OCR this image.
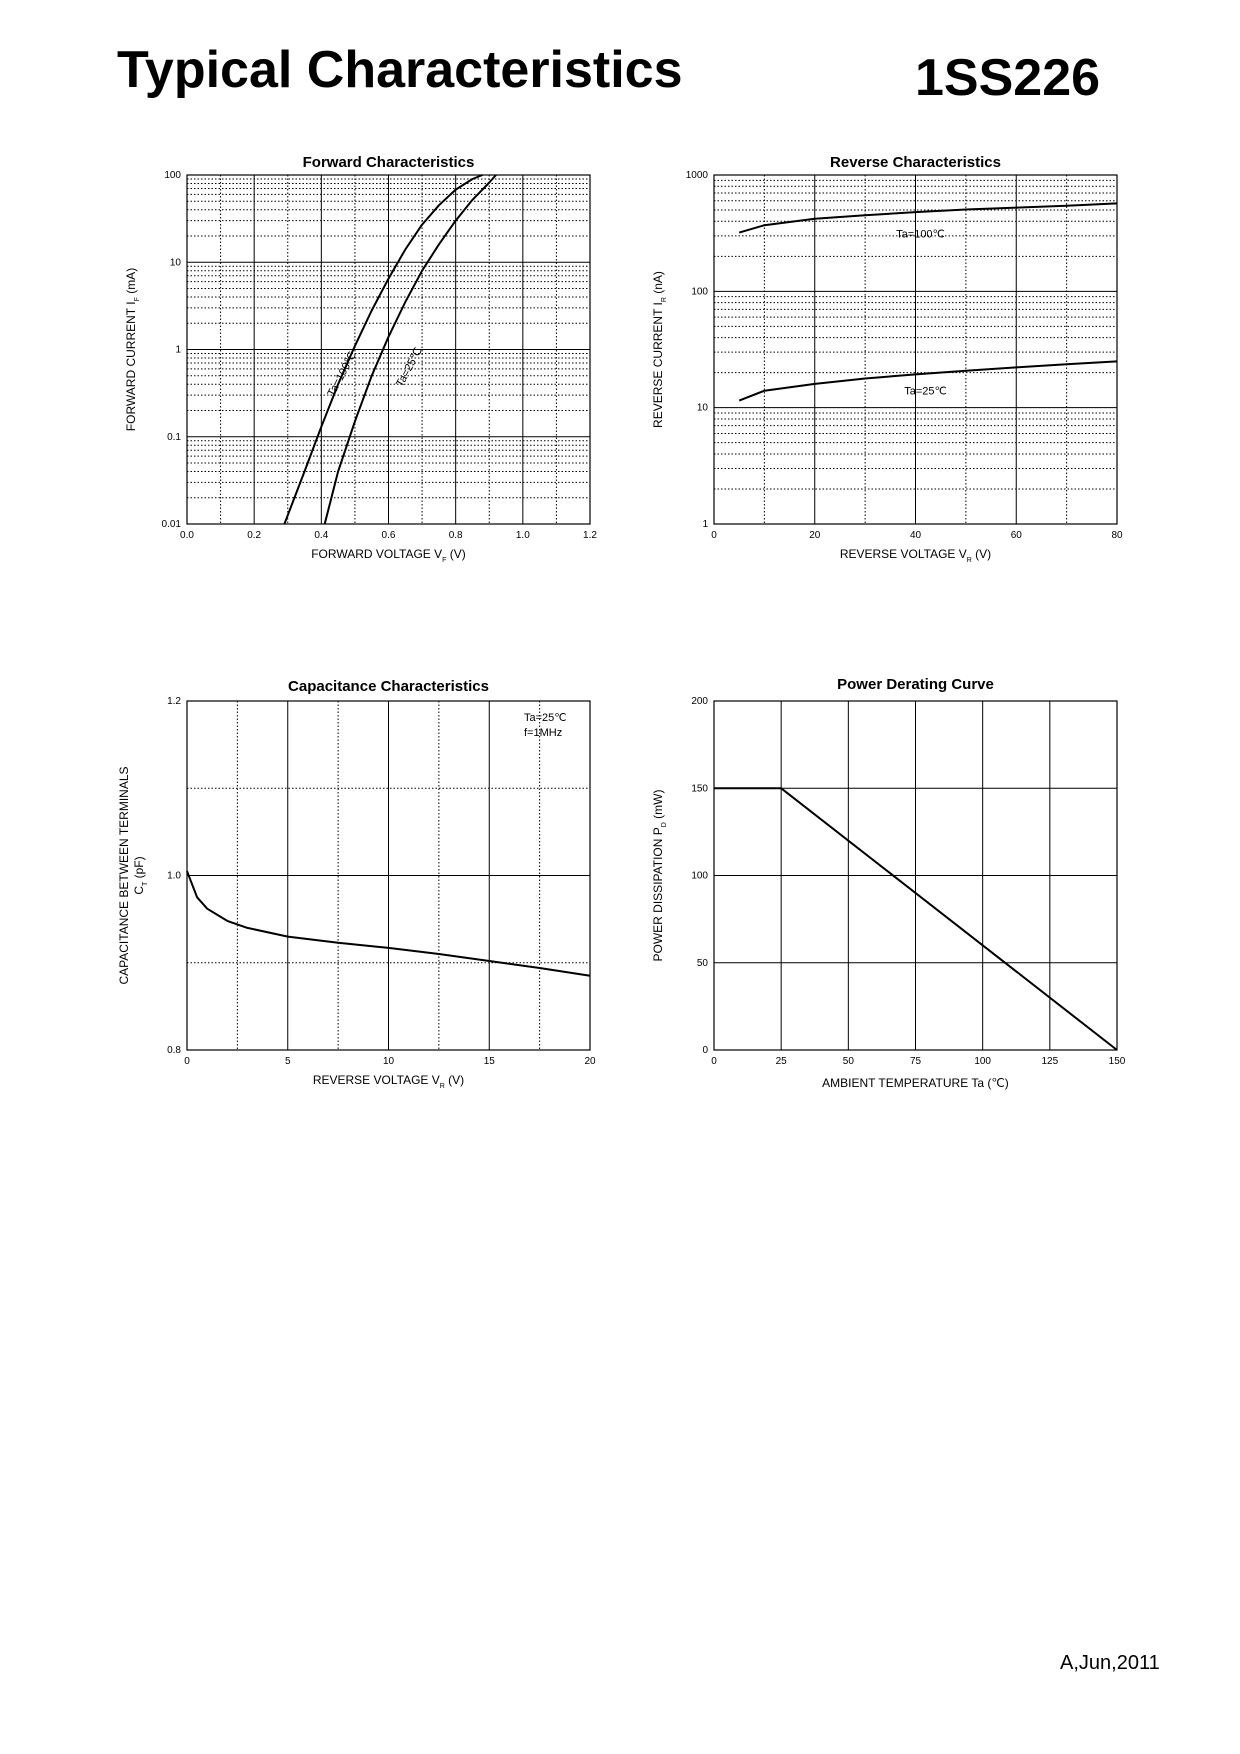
Typical Characteristics	1SS226
0.0	0.2	0.4	0.6	0.8	1.0	1.2
0.01
0.1
1
10
100
Forward Characteristics
FORWARD VOLTAGE $V_F$ (V)
FORWARD CURRENT $I_F$ (mA)
Ta=100℃	Ta=25℃
0	20	40	60	80
1
10
100
1000
Reverse Characteristics
REVERSE VOLTAGE $V_R$ (V)
REVERSE CURRENT $I_R$ (nA)
Ta=100℃
Ta=25℃
0	5	10	15	20
0.8
1.0
1.2
Capacitance Characteristics
REVERSE VOLTAGE $V_R$ (V)
CAPACITANCE BETWEEN $TERMINALSC_T$ (pF)
Ta=25℃
f=1MHz
0	25	50	75	100	125	150
0
50
100
150
200
Power Derating Curve
AMBIENT TEMPERATURE Ta (℃)
POWER DISSIPATION $P_D$ (mW)
A,Jun,2011
